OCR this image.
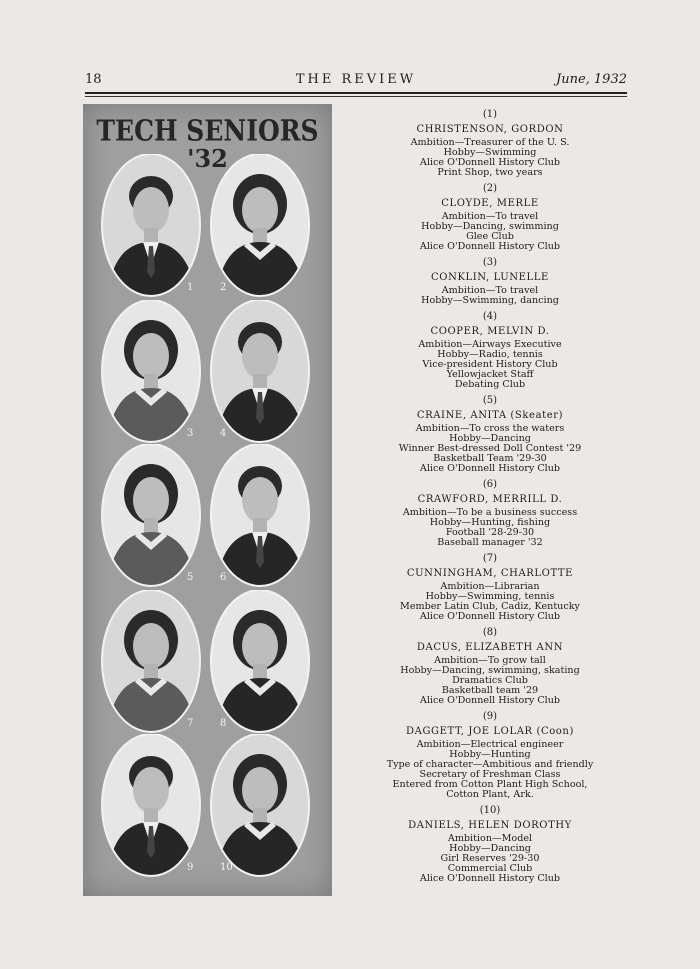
18	THE REVIEW	June, 1932
TECH SENIORS
'32
1	2
3	4
5	6
7	8
9	10
(1)
CHRISTENSON, GORDON
Ambition—Treasurer of the U. S.
Hobby—Swimming
Alice O'Donnell History Club
Print Shop, two years
(2)
CLOYDE, MERLE
Ambition—To travel
Hobby—Dancing, swimming
Glee Club
Alice O'Donnell History Club
(3)
CONKLIN, LUNELLE
Ambition—To travel
Hobby—Swimming, dancing
(4)
COOPER, MELVIN D.
Ambition—Airways Executive
Hobby—Radio, tennis
Vice-president History Club
Yellowjacket Staff
Debating Club
(5)
CRAINE, ANITA (Skeater)
Ambition—To cross the waters
Hobby—Dancing
Winner Best-dressed Doll Contest '29
Basketball Team '29-30
Alice O'Donnell History Club
(6)
CRAWFORD, MERRILL D.
Ambition—To be a business success
Hobby—Hunting, fishing
Football '28-29-30
Baseball manager '32
(7)
CUNNINGHAM, CHARLOTTE
Ambition—Librarian
Hobby—Swimming, tennis
Member Latin Club, Cadiz, Kentucky
Alice O'Donnell History Club
(8)
DACUS, ELIZABETH ANN
Ambition—To grow tall
Hobby—Dancing, swimming, skating
Dramatics Club
Basketball team '29
Alice O'Donnell History Club
(9)
DAGGETT, JOE LOLAR (Coon)
Ambition—Electrical engineer
Hobby—Hunting
Type of character—Ambitious and friendly
Secretary of Freshman Class
Entered from Cotton Plant High School,
Cotton Plant, Ark.
(10)
DANIELS, HELEN DOROTHY
Ambition—Model
Hobby—Dancing
Girl Reserves '29-30
Commercial Club
Alice O'Donnell History Club
